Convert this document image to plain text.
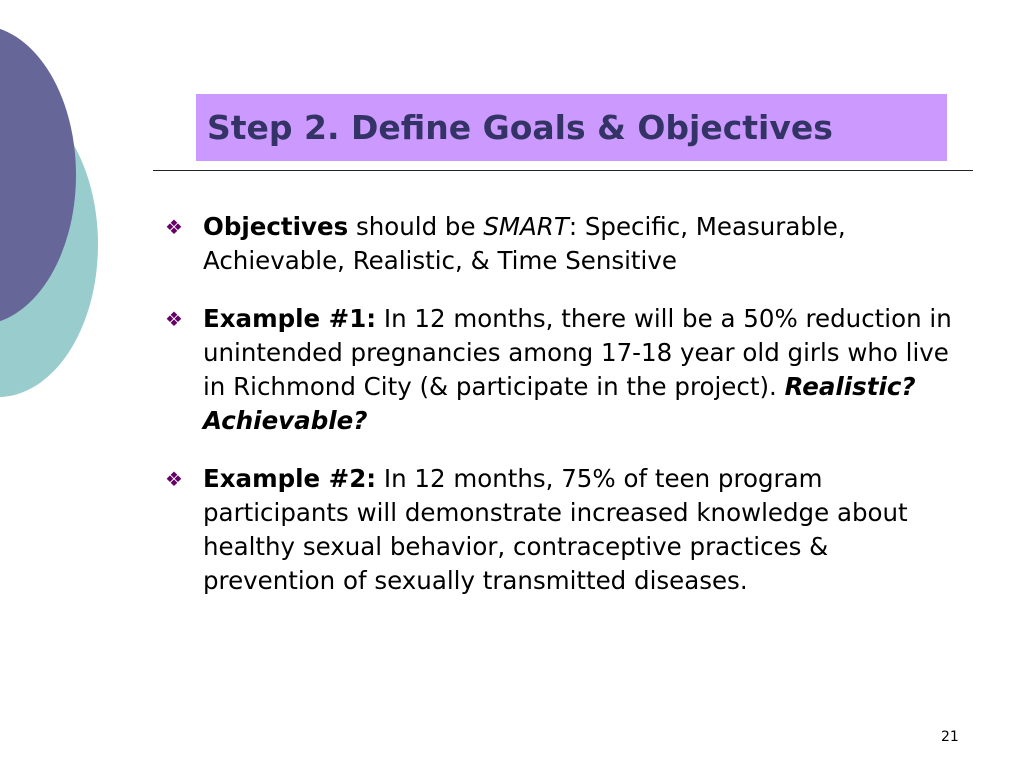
Step 2. Define Goals & Objectives
❖ Objectives should be SMART: Specific, Measurable, Achievable, Realistic, & Time Sensitive
❖ Example #1: In 12 months, there will be a 50% reduction in unintended pregnancies among 17-18 year old girls who live in Richmond City (& participate in the project). Realistic? Achievable?
❖ Example #2: In 12 months, 75% of teen program participants will demonstrate increased knowledge about healthy sexual behavior, contraceptive practices & prevention of sexually transmitted diseases.
21
